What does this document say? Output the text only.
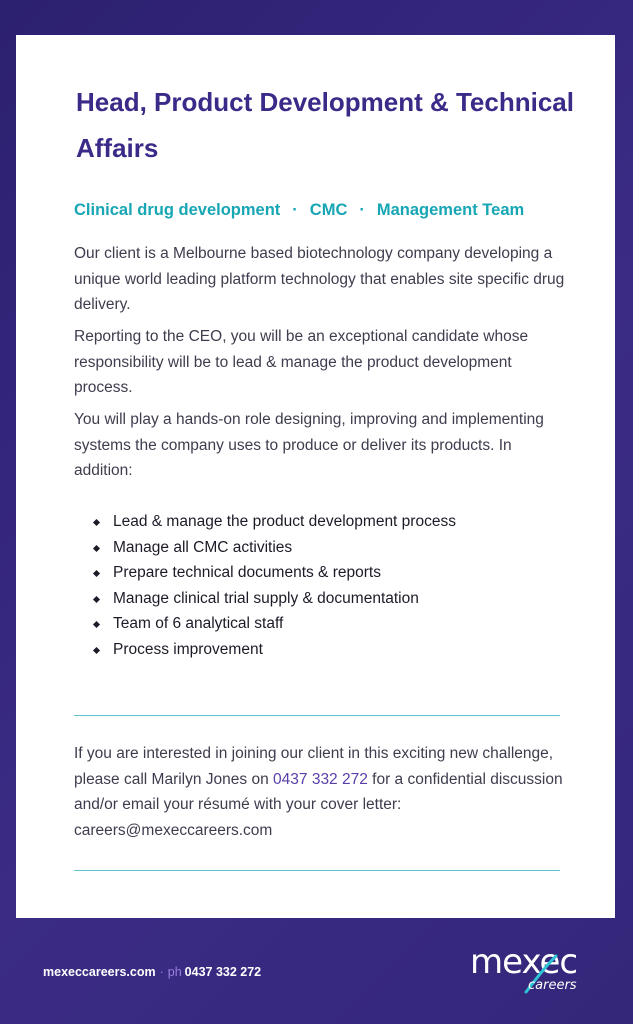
Head, Product Development & Technical Affairs
Clinical drug development · CMC · Management Team

Our client is a Melbourne based biotechnology company developing a unique world leading platform technology that enables site specific drug delivery.

Reporting to the CEO, you will be an exceptional candidate whose responsibility will be to lead & manage the product development process.

You will play a hands-on role designing, improving and implementing systems the company uses to produce or deliver its products. In addition:

Lead & manage the product development process
Manage all CMC activities
Prepare technical documents & reports
Manage clinical trial supply & documentation
Team of 6 analytical staff
Process improvement

If you are interested in joining our client in this exciting new challenge, please call Marilyn Jones on 0437 332 272 for a confidential discussion and/or email your résumé with your cover letter: careers@mexeccareers.com

mexeccareers.com · ph 0437 332 272	mexec
careers
